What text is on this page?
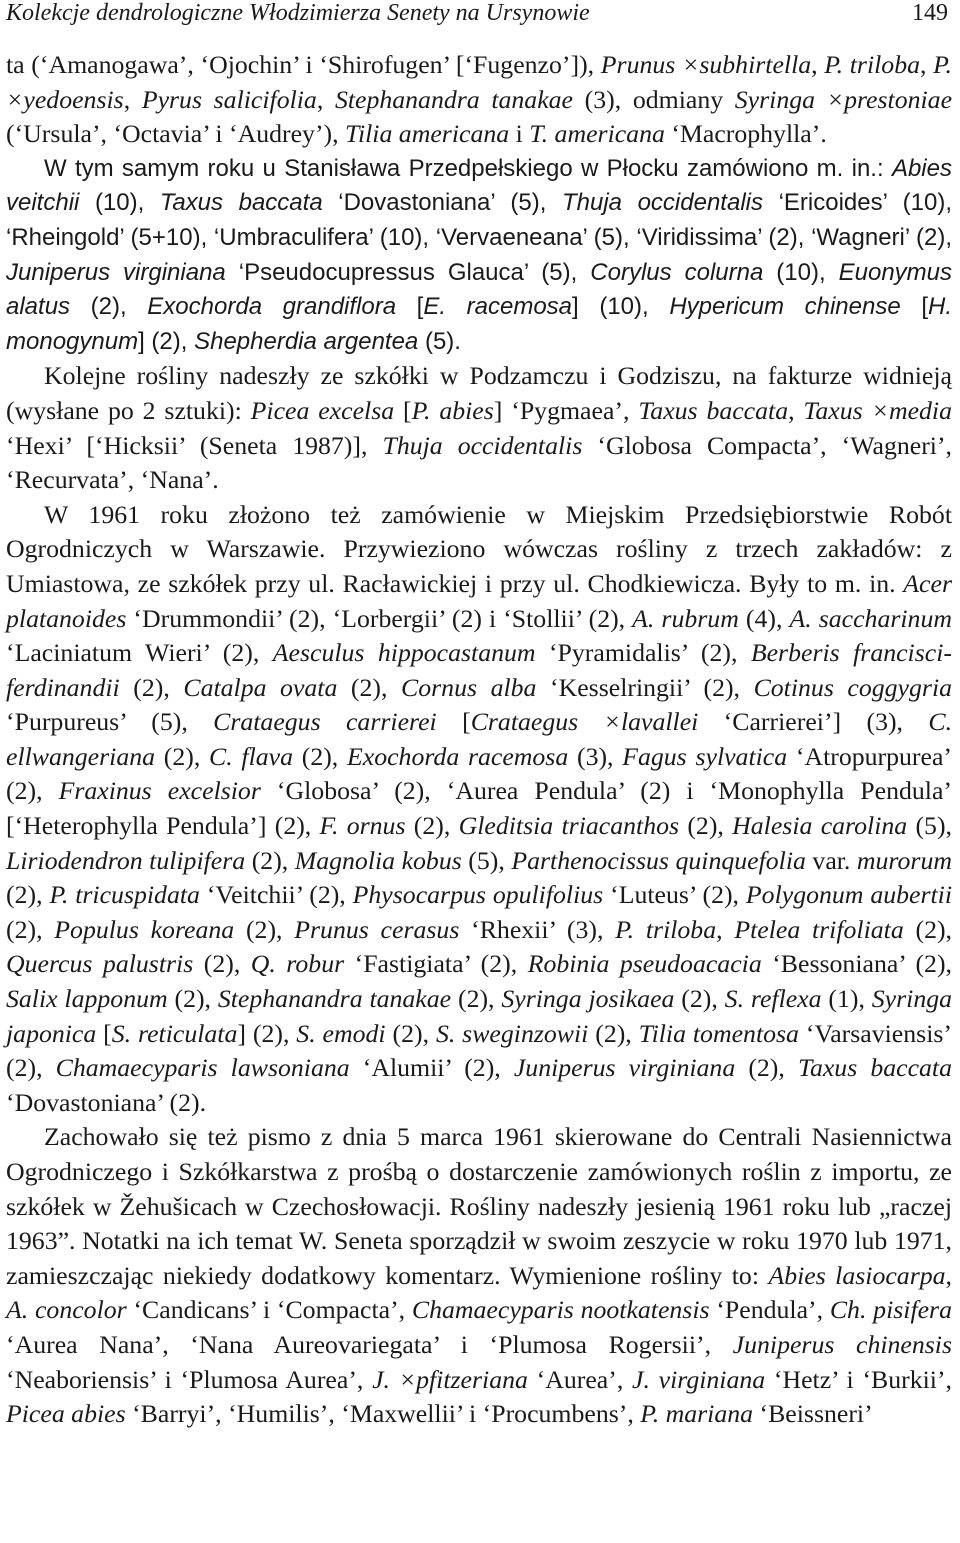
Kolekcje dendrologiczne Włodzimierza Senety na Ursynowie	149

ta (‘Amanogawa’, ‘Ojochin’ i ‘Shirofugen’ [‘Fugenzo’]), Prunus ×subhirtella, P. triloba, P. ×yedoensis, Pyrus salicifolia, Stephanandra tanakae (3), odmiany Syringa ×prestoniae (‘Ursula’, ‘Octavia’ i ‘Audrey’), Tilia americana i T. americana ‘Macrophylla’.

W tym samym roku u Stanisława Przedpełskiego w Płocku zamówiono m. in.: Abies veitchii (10), Taxus baccata ‘Dovastoniana’ (5), Thuja occidentalis ‘Ericoides’ (10), ‘Rheingold’ (5+10), ‘Umbraculifera’ (10), ‘Vervaeneana’ (5), ‘Viridissima’ (2), ‘Wagneri’ (2), Juniperus virginiana ‘Pseudocupressus Glauca’ (5), Corylus colurna (10), Euonymus alatus (2), Exochorda grandiflora [E. racemosa] (10), Hypericum chinense [H. monogynum] (2), Shepherdia argentea (5).

Kolejne rośliny nadeszły ze szkółki w Podzamczu i Godziszu, na fakturze widnieją (wysłane po 2 sztuki): Picea excelsa [P. abies] ‘Pygmaea’, Taxus baccata, Taxus ×media ‘Hexi’ [‘Hicksii’ (Seneta 1987)], Thuja occidentalis ‘Globosa Compacta’, ‘Wagneri’, ‘Recurvata’, ‘Nana’.

W 1961 roku złożono też zamówienie w Miejskim Przedsiębiorstwie Robót Ogrodniczych w Warszawie. Przywieziono wówczas rośliny z trzech zakładów: z Umiastowa, ze szkółek przy ul. Racławickiej i przy ul. Chodkiewicza. Były to m. in. Acer platanoides ‘Drummondii’ (2), ‘Lorbergii’ (2) i ‘Stollii’ (2), A. rubrum (4), A. saccharinum ‘Laciniatum Wieri’ (2), Aesculus hippocastanum ‘Pyramidalis’ (2), Berberis francisci-ferdinandii (2), Catalpa ovata (2), Cornus alba ‘Kesselringii’ (2), Cotinus coggygria ‘Purpureus’ (5), Crataegus carrierei [Crataegus ×lavallei ‘Carrierei’] (3), C. ellwangeriana (2), C. flava (2), Exochorda racemosa (3), Fagus sylvatica ‘Atropurpurea’ (2), Fraxinus excelsior ‘Globosa’ (2), ‘Aurea Pendula’ (2) i ‘Monophylla Pendula’ [‘Heterophylla Pendula’] (2), F. ornus (2), Gleditsia triacanthos (2), Halesia carolina (5), Liriodendron tulipifera (2), Magnolia kobus (5), Parthenocissus quinquefolia var. murorum (2), P. tricuspidata ‘Veitchii’ (2), Physocarpus opulifolius ‘Luteus’ (2), Polygonum aubertii (2), Populus koreana (2), Prunus cerasus ‘Rhexii’ (3), P. triloba, Ptelea trifoliata (2), Quercus palustris (2), Q. robur ‘Fastigiata’ (2), Robinia pseudoacacia ‘Bessoniana’ (2), Salix lapponum (2), Stephanandra tanakae (2), Syringa josikaea (2), S. reflexa (1), Syringa japonica [S. reticulata] (2), S. emodi (2), S. sweginzowii (2), Tilia tomentosa ‘Varsaviensis’ (2), Chamaecyparis lawsoniana ‘Alumii’ (2), Juniperus virginiana (2), Taxus baccata ‘Dovastoniana’ (2).

Zachowało się też pismo z dnia 5 marca 1961 skierowane do Centrali Nasiennictwa Ogrodniczego i Szkółkarstwa z prośbą o dostarczenie zamówionych roślin z importu, ze szkółek w Žehušicach w Czechosłowacji. Rośliny nadeszły jesienią 1961 roku lub „raczej 1963”. Notatki na ich temat W. Seneta sporządził w swoim zeszycie w roku 1970 lub 1971, zamieszczając niekiedy dodatkowy komentarz. Wymienione rośliny to: Abies lasiocarpa, A. concolor ‘Candicans’ i ‘Compacta’, Chamaecyparis nootkatensis ‘Pendula’, Ch. pisifera ‘Aurea Nana’, ‘Nana Aureovariegata’ i ‘Plumosa Rogersii’, Juniperus chinensis ‘Neaboriensis’ i ‘Plumosa Aurea’, J. ×pfitzeriana ‘Aurea’, J. virginiana ‘Hetz’ i ‘Burkii’, Picea abies ‘Barryi’, ‘Humilis’, ‘Maxwellii’ i ‘Procumbens’, P. mariana ‘Beissneri’
